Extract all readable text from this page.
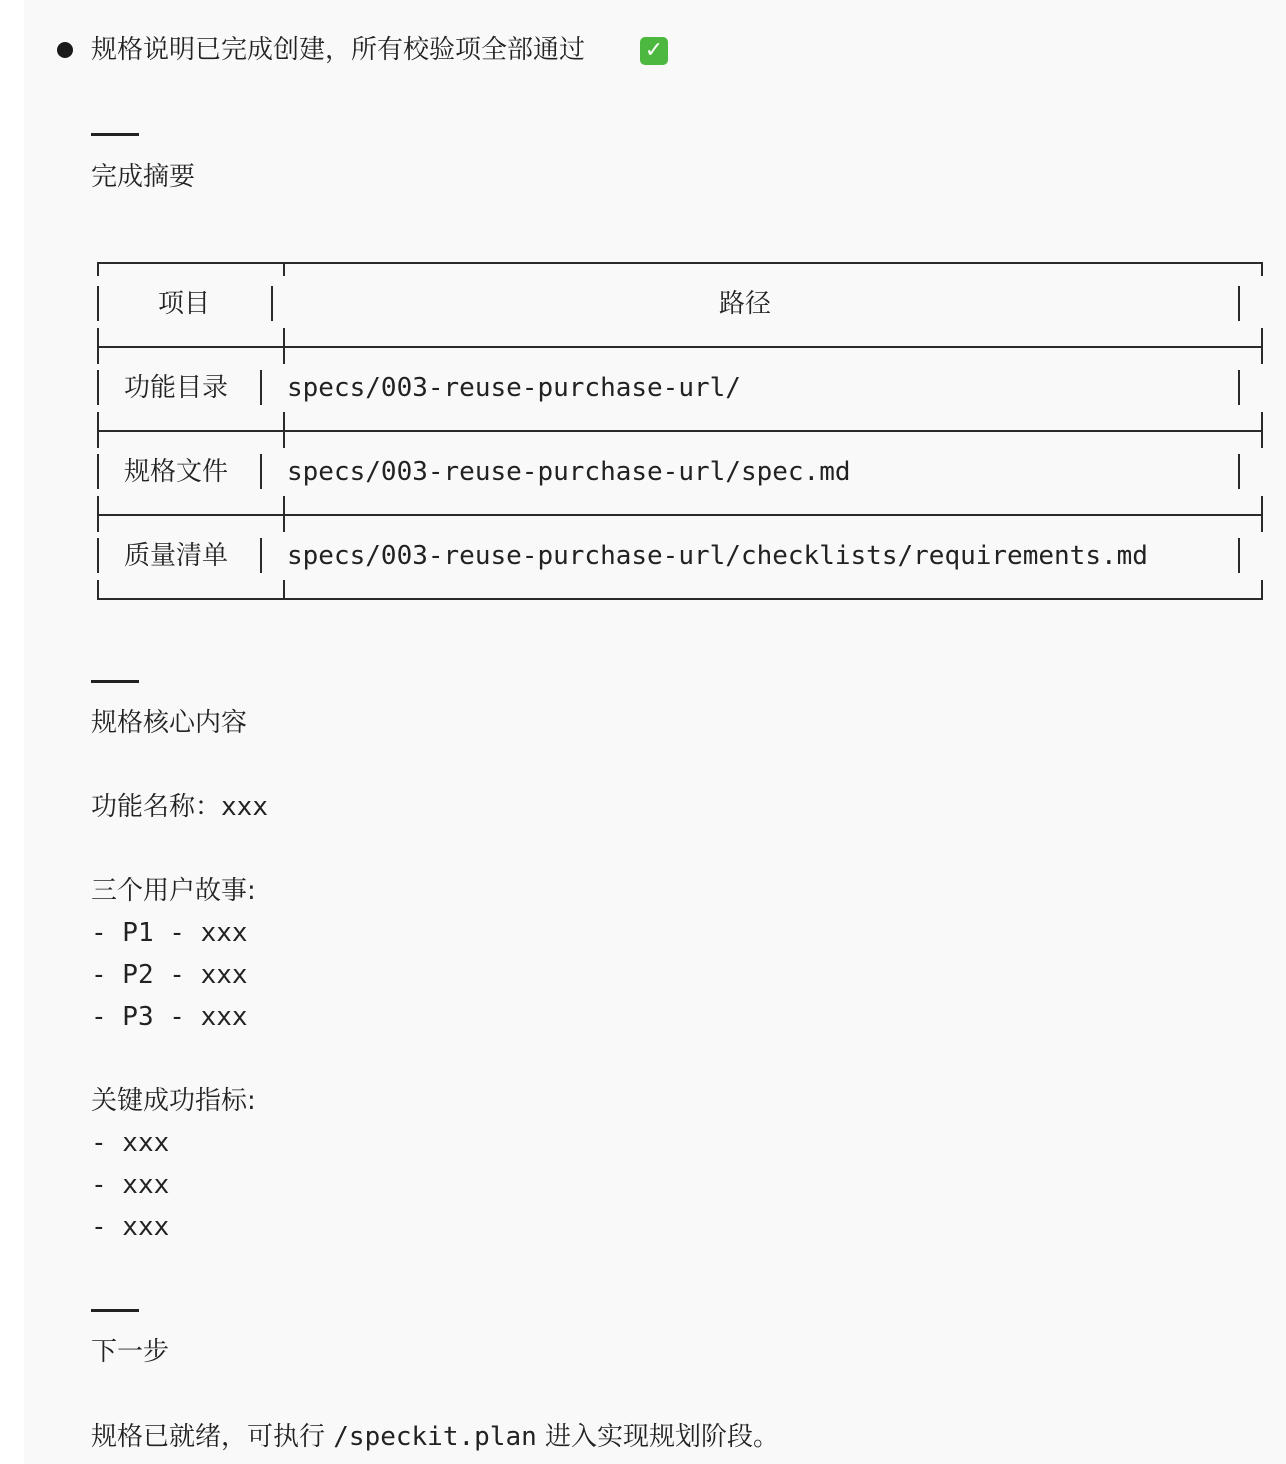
规格说明已完成创建，所有校验项全部通过	✓
完成摘要
项目	路径
功能目录 specs/003-reuse-purchase-url/
规格文件 specs/003-reuse-purchase-url/spec.md
质量清单 specs/003-reuse-purchase-url/checklists/requirements.md
规格核心内容
功能名称：xxx
三个用户故事:
- P1 - xxx
- P2 - xxx
- P3 - xxx
关键成功指标:
- xxx
- xxx
- xxx
下一步
规格已就绪，可执行 /speckit.plan 进入实现规划阶段。
